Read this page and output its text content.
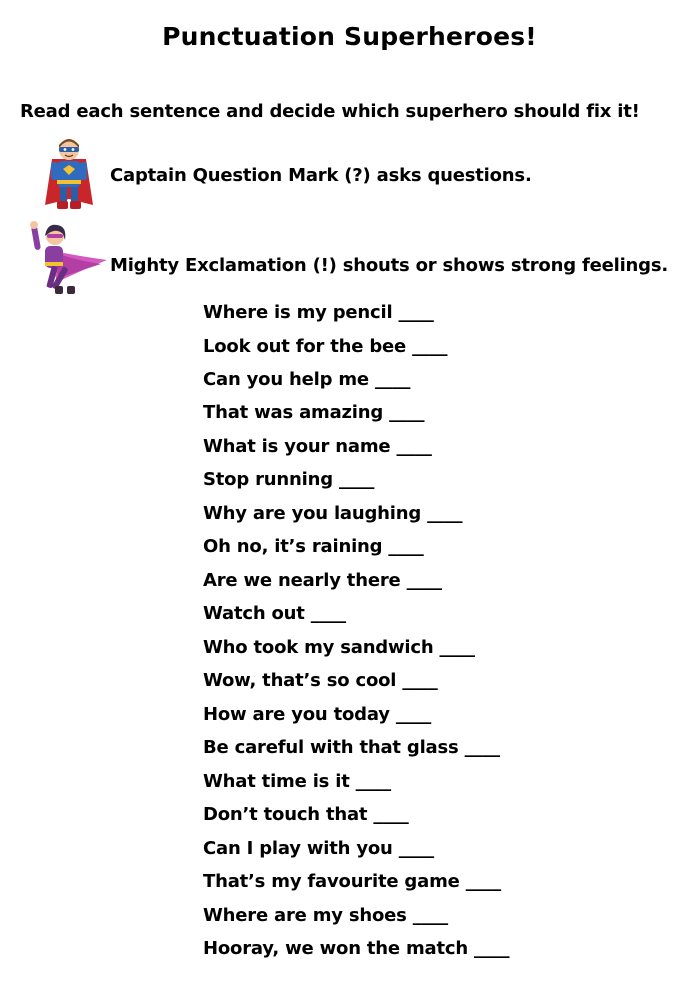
Punctuation Superheroes!
Read each sentence and decide which superhero should fix it!
Captain Question Mark (?) asks questions.
Mighty Exclamation (!) shouts or shows strong feelings.
Where is my pencil ____
Look out for the bee ____
Can you help me ____
That was amazing ____
What is your name ____
Stop running ____
Why are you laughing ____
Oh no, it’s raining ____
Are we nearly there ____
Watch out ____
Who took my sandwich ____
Wow, that’s so cool ____
How are you today ____
Be careful with that glass ____
What time is it ____
Don’t touch that ____
Can I play with you ____
That’s my favourite game ____
Where are my shoes ____
Hooray, we won the match ____
